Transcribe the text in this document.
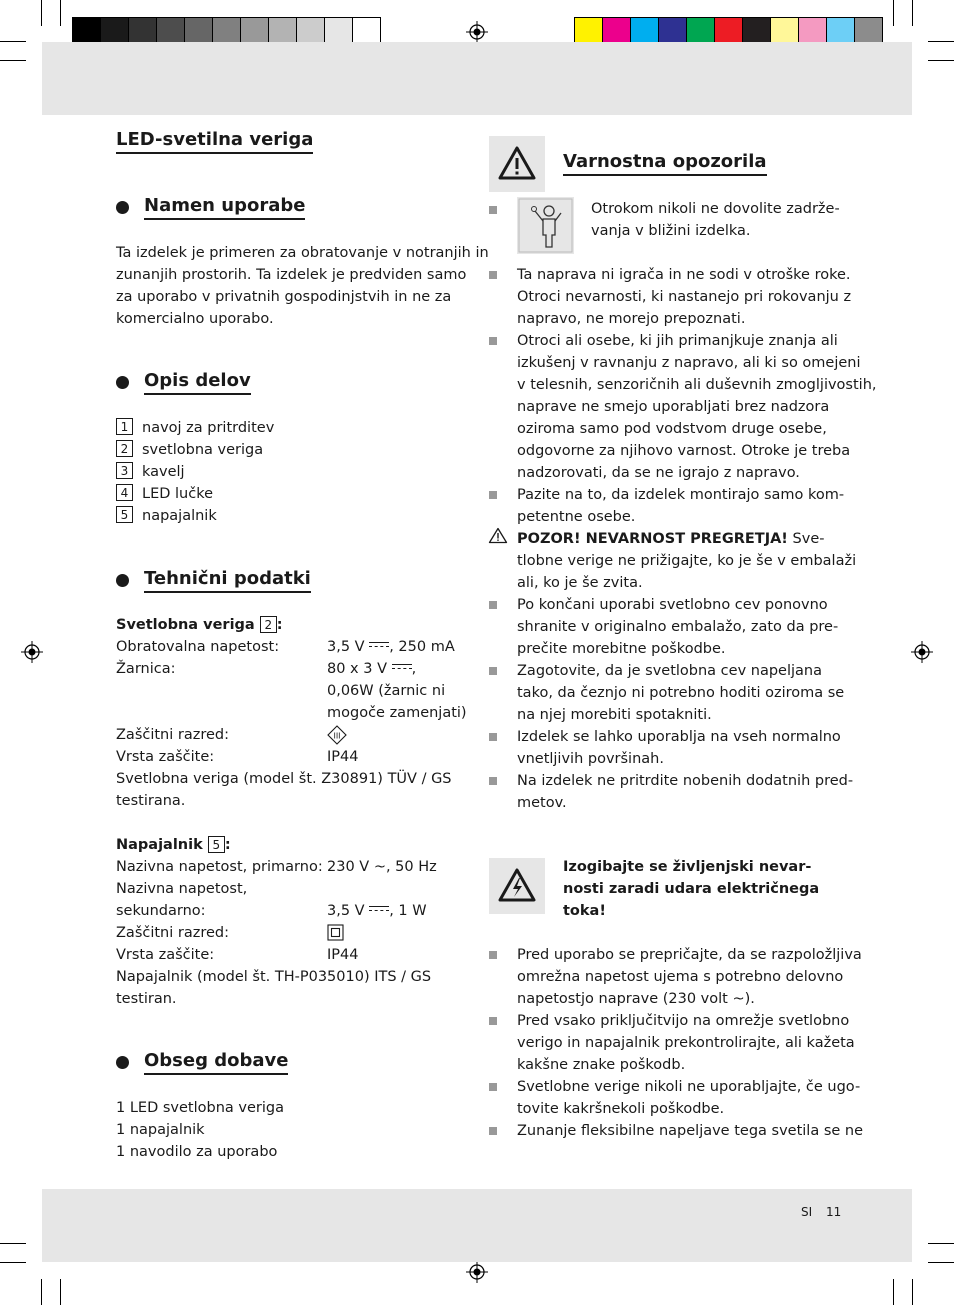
LED-svetilna veriga
Namen uporabe
Ta izdelek je primeren za obratovanje v notranjih in
zunanjih prostorih. Ta izdelek je predviden samo
za uporabo v privatnih gospodinjstvih in ne za
komercialno uporabo.
Opis delov
1 navoj za pritrditev
2 svetlobna veriga
3 kavelj
4 LED lučke
5 napajalnik
Tehnični podatki
Svetlobna veriga 2 :
Obratovalna napetost:	3,5 V , 250 mA
Žarnica:	80 x 3 V ,
0,06W (žarnic ni
mogoče zamenjati)
Zaščitni razred:	III
Vrsta zaščite:	IP44
Svetlobna veriga (model št. Z30891) TÜV / GS
testirana.
Napajalnik 5 :
Nazivna napetost, primarno: 230 V ~, 50 Hz
Nazivna napetost,
sekundarno:	3,5 V , 1 W
Zaščitni razred:
Vrsta zaščite:	IP44
Napajalnik (model št. TH-P035010) ITS / GS
testiran.
Obseg dobave
1 LED svetlobna veriga
1 napajalnik
1 navodilo za uporabo
Varnostna opozorila
Otrokom nikoli ne dovolite zadrže-
vanja v bližini izdelka.
Ta naprava ni igrača in ne sodi v otroške roke.
Otroci nevarnosti, ki nastanejo pri rokovanju z
napravo, ne morejo prepoznati.
Otroci ali osebe, ki jih primanjkuje znanja ali
izkušenj v ravnanju z napravo, ali ki so omejeni
v telesnih, senzoričnih ali duševnih zmogljivostih,
naprave ne smejo uporabljati brez nadzora
oziroma samo pod vodstvom druge osebe,
odgovorne za njihovo varnost. Otroke je treba
nadzorovati, da se ne igrajo z napravo.
Pazite na to, da izdelek montirajo samo kom-
petentne osebe.
POZOR! NEVARNOST PREGRETJA! Sve-
tlobne verige ne prižigajte, ko je še v embalaži
ali, ko je še zvita.
Po končani uporabi svetlobno cev ponovno
shranite v originalno embalažo, zato da pre-
prečite morebitne poškodbe.
Zagotovite, da je svetlobna cev napeljana
tako, da čeznjo ni potrebno hoditi oziroma se
na njej morebiti spotakniti.
Izdelek se lahko uporablja na vseh normalno
vnetljivih površinah.
Na izdelek ne pritrdite nobenih dodatnih pred-
metov.
Izogibajte se življenjski nevar-
nosti zaradi udara električnega
toka!
Pred uporabo se prepričajte, da se razpoložljiva
omrežna napetost ujema s potrebno delovno
napetostjo naprave (230 volt ~).
Pred vsako priključitvijo na omrežje svetlobno
verigo in napajalnik prekontrolirajte, ali kažeta
kakšne znake poškodb.
Svetlobne verige nikoli ne uporabljajte, če ugo-
tovite kakršnekoli poškodbe.
Zunanje fleksibilne napeljave tega svetila se ne
SI 11
